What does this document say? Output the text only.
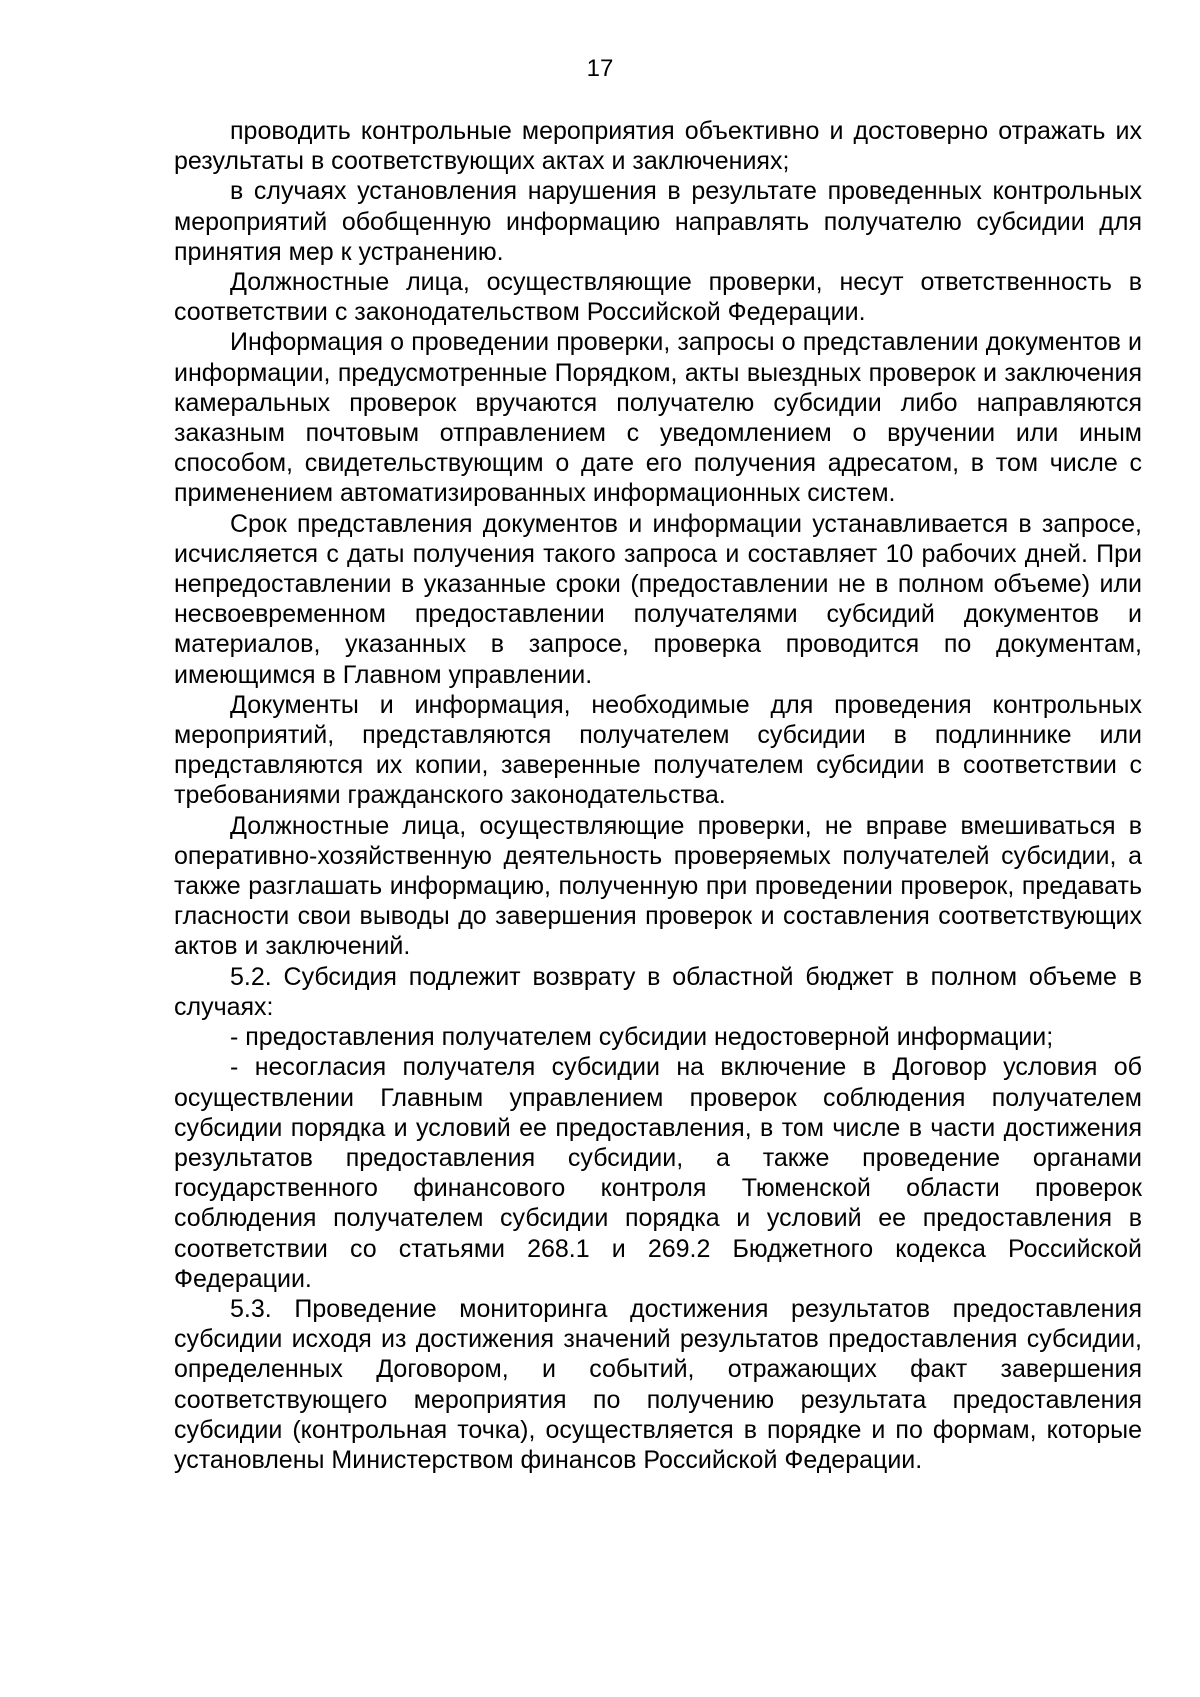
17

проводить контрольные мероприятия объективно и достоверно отражать их результаты в соответствующих актах и заключениях;

в случаях установления нарушения в результате проведенных контрольных мероприятий обобщенную информацию направлять получателю субсидии для принятия мер к устранению.

Должностные лица, осуществляющие проверки, несут ответственность в соответствии с законодательством Российской Федерации.

Информация о проведении проверки, запросы о представлении документов и информации, предусмотренные Порядком, акты выездных проверок и заключения камеральных проверок вручаются получателю субсидии либо направляются заказным почтовым отправлением с уведомлением о вручении или иным способом, свидетельствующим о дате его получения адресатом, в том числе с применением автоматизированных информационных систем.

Срок представления документов и информации устанавливается в запросе, исчисляется с даты получения такого запроса и составляет 10 рабочих дней. При непредоставлении в указанные сроки (предоставлении не в полном объеме) или несвоевременном предоставлении получателями субсидий документов и материалов, указанных в запросе, проверка проводится по документам, имеющимся в Главном управлении.

Документы и информация, необходимые для проведения контрольных мероприятий, представляются получателем субсидии в подлиннике или представляются их копии, заверенные получателем субсидии в соответствии с требованиями гражданского законодательства.

Должностные лица, осуществляющие проверки, не вправе вмешиваться в оперативно-хозяйственную деятельность проверяемых получателей субсидии, а также разглашать информацию, полученную при проведении проверок, предавать гласности свои выводы до завершения проверок и составления соответствующих актов и заключений.

5.2. Субсидия подлежит возврату в областной бюджет в полном объеме в случаях:

- предоставления получателем субсидии недостоверной информации;

- несогласия получателя субсидии на включение в Договор условия об осуществлении Главным управлением проверок соблюдения получателем субсидии порядка и условий ее предоставления, в том числе в части достижения результатов предоставления субсидии, а также проведение органами государственного финансового контроля Тюменской области проверок соблюдения получателем субсидии порядка и условий ее предоставления в соответствии со статьями 268.1 и 269.2 Бюджетного кодекса Российской Федерации.

5.3. Проведение мониторинга достижения результатов предоставления субсидии исходя из достижения значений результатов предоставления субсидии, определенных Договором, и событий, отражающих факт завершения соответствующего мероприятия по получению результата предоставления субсидии (контрольная точка), осуществляется в порядке и по формам, которые установлены Министерством финансов Российской Федерации.
